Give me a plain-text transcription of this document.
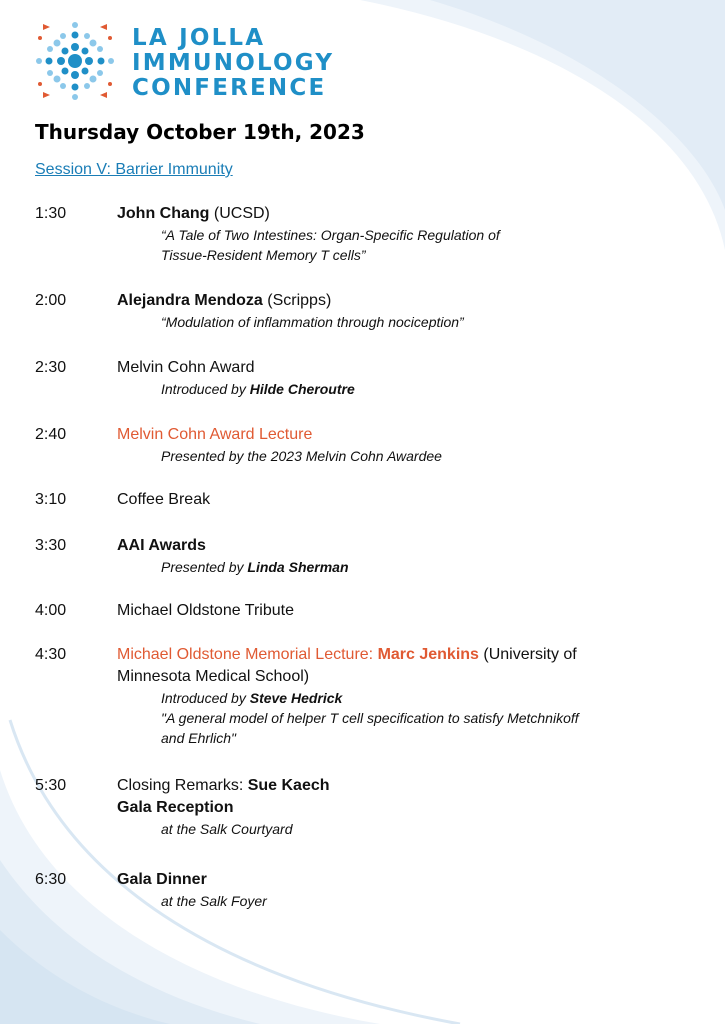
LA JOLLA
IMMUNOLOGY
CONFERENCE
Thursday October 19th, 2023
Session V: Barrier Immunity
1:30	John Chang (UCSD)
“A Tale of Two Intestines: Organ-Specific Regulation of
Tissue-Resident Memory T cells”
2:00	Alejandra Mendoza (Scripps)
“Modulation of inflammation through nociception”
2:30	Melvin Cohn Award
Introduced by Hilde Cheroutre
2:40	Melvin Cohn Award Lecture
Presented by the 2023 Melvin Cohn Awardee
3:10	Coffee Break
3:30	AAI Awards
Presented by Linda Sherman
4:00	Michael Oldstone Tribute
4:30	Michael Oldstone Memorial Lecture: Marc Jenkins (University of
Minnesota Medical School)
Introduced by Steve Hedrick
"A general model of helper T cell specification to satisfy Metchnikoff
and Ehrlich"
5:30	Closing Remarks: Sue Kaech
Gala Reception
at the Salk Courtyard
6:30	Gala Dinner
at the Salk Foyer
